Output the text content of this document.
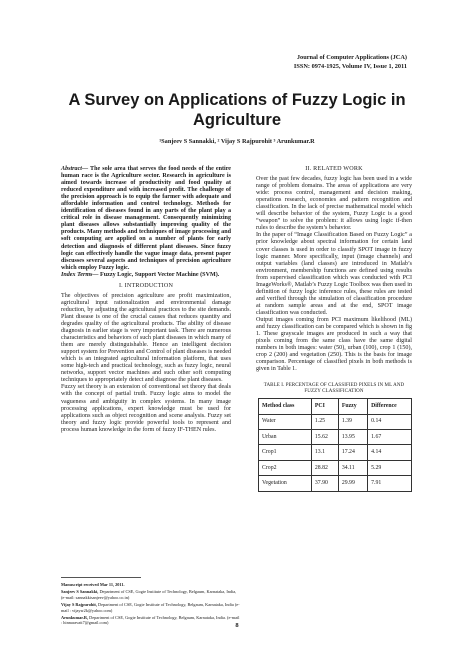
Journal of Computer Applications (JCA)
ISSN: 0974-1925, Volume IV, Issue 1, 2011
A Survey on Applications of Fuzzy Logic in Agriculture
¹Sanjeev S Sannakki, ² Vijay S Rajpurohit ³ Arunkumar.R

Abstract— The sole area that serves the food needs of the entire human race is the Agriculture sector. Research in agriculture is aimed towards increase of productivity and food quality at reduced expenditure and with increased profit. The challenge of the precision approach is to equip the farmer with adequate and affordable information and control technology. Methods for identification of diseases found in any parts of the plant play a critical role in disease management. Consequently minimizing plant diseases allows substantially improving quality of the products. Many methods and techniques of image processing and soft computing are applied on a number of plants for early detection and diagnosis of different plant diseases. Since fuzzy logic can effectively handle the vague image data, present paper discusses several aspects and techniques of precision agriculture which employ Fuzzy logic.

Index Terms— Fuzzy Logic, Support Vector Machine (SVM).

I. INTRODUCTION

The objectives of precision agriculture are profit maximization, agricultural input rationalization and environmental damage reduction, by adjusting the agricultural practices to the site demands. Plant disease is one of the crucial causes that reduces quantity and degrades quality of the agricultural products. The ability of disease diagnosis in earlier stage is very important task. There are numerous characteristics and behaviors of such plant diseases in which many of them are merely distinguishable. Hence an intelligent decision support system for Prevention and Control of plant diseases is needed which is an integrated agricultural information platform, that uses some high-tech and practical technology, such as fuzzy logic, neural networks, support vector machines and such other soft computing techniques to appropriately detect and diagnose the plant diseases.

Fuzzy set theory is an extension of conventional set theory that deals with the concept of partial truth. Fuzzy logic aims to model the vagueness and ambiguity in complex systems. In many image processing applications, expert knowledge must be used for applications such as object recognition and scene analysis. Fuzzy set theory and fuzzy logic provide powerful tools to represent and process human knowledge in the form of fuzzy IF-THEN rules.

II. RELATED WORK

Over the past few decades, fuzzy logic has been used in a wide range of problem domains. The areas of applications are very wide: process control, management and decision making, operations research, economies and pattern recognition and classification. In the lack of precise mathematical model which will describe behavior of the system, Fuzzy Logic is a good “weapon” to solve the problem: it allows using logic if-then rules to describe the system’s behavior.

In the paper of “Image Classification Based on Fuzzy Logic” a prior knowledge about spectral information for certain land cover classes is used in order to classify SPOT image in fuzzy logic manner. More specifically, input (image channels) and output variables (land classes) are introduced in Matlab’s environment, membership functions are defined using results from supervised classification which was conducted with PCI ImageWorks®, Matlab’s Fuzzy Logic Toolbox was then used in definition of fuzzy logic inference rules, these rules are tested and verified through the simulation of classification procedure at random sample areas and at the end, SPOT image classification was conducted.

Output images coming from PCI maximum likelihood (ML) and fuzzy classification can be compared which is shown in fig 1. These grayscale images are produced in such a way that pixels coming from the same class have the same digital numbers in both images: water (50), urban (100), crop 1 (150), crop 2 (200) and vegetation (250). This is the basis for image comparison. Percentage of classified pixels in both methods is given in Table 1.

TABLE I. PERCENTAGE OF CLASSIFIED PIXELS IN ML AND FUZZY CLASSIFICATION

Method class	PCI	Fuzzy	Difference
Water	1.25	1.39	0.14
Urban	15.62	13.95	1.67
Crop1	13.1	17.24	4.14
Crop2	28.82	34.11	5.29
Vegetation	37.90	29.99	7.91

Manuscript received Mar 11, 2011.

Sanjeev S Sannakki, Department of CSE, Gogte Institute of Technology, Belgaum, Karnataka, India, (e-mail: sannakkisanjeev@yahoo.co.in)

Vijay S Rajpurohit, Department of CSE, Gogte Institute of Technology, Belgaum, Karnataka, India (e-mail : vijaysr2k@yahoo.com)

Arunkumar.R, Department of CSE, Gogte Institute of Technology, Belgaum, Karnataka, India. (e-mail : hinnaravatt7@gmail.com)	8
